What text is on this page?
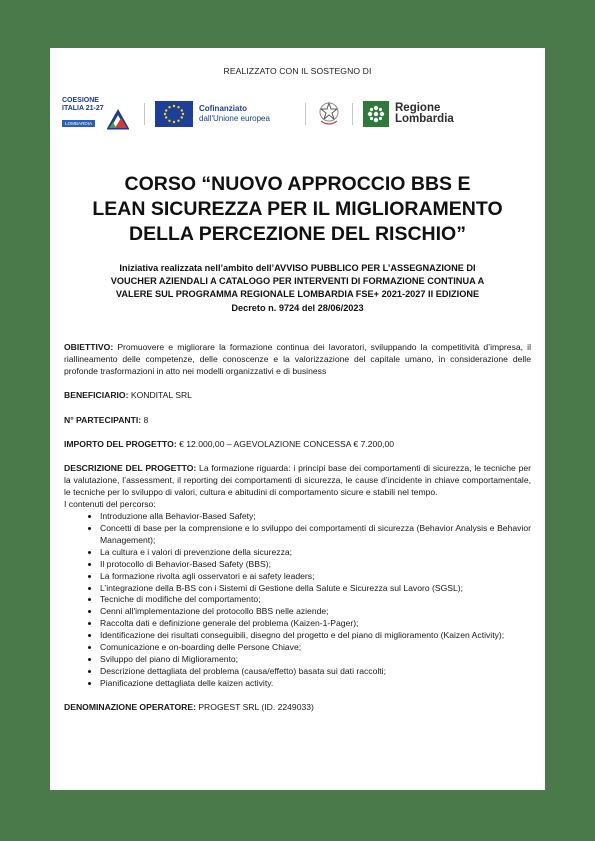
REALIZZATO CON IL SOSTEGNO DI
COESIONE
ITALIA 21-27
LOMBARDIA
Cofinanziato
dall'Unione europea
Regione
Lombardia
CORSO “NUOVO APPROCCIO BBS E
LEAN SICUREZZA PER IL MIGLIORAMENTO
DELLA PERCEZIONE DEL RISCHIO”
Iniziativa realizzata nell’ambito dell’AVVISO PUBBLICO PER L’ASSEGNAZIONE DI
VOUCHER AZIENDALI A CATALOGO PER INTERVENTI DI FORMAZIONE CONTINUA A
VALERE SUL PROGRAMMA REGIONALE LOMBARDIA FSE+ 2021-2027 II EDIZIONE
Decreto n. 9724 del 28/06/2023

OBIETTIVO: Promuovere e migliorare la formazione continua dei lavoratori, sviluppando la competitività d’impresa, il riallineamento delle competenze, delle conoscenze e la valorizzazione del capitale umano, in considerazione delle profonde trasformazioni in atto nei modelli organizzativi e di business

BENEFICIARIO: KONDITAL SRL

N° PARTECIPANTI: 8

IMPORTO DEL PROGETTO: € 12.000,00 – AGEVOLAZIONE CONCESSA € 7.200,00

DESCRIZIONE DEL PROGETTO: La formazione riguarda: i principi base dei comportamenti di sicurezza, le tecniche per la valutazione, l’assessment, il reporting dei comportamenti di sicurezza, le cause d’incidente in chiave comportamentale, le tecniche per lo sviluppo di valori, cultura e abitudini di comportamento sicure e stabili nel tempo.

I contenuti del percorso:

• Introduzione alla Behavior-Based Safety;
• Concetti di base per la comprensione e lo sviluppo dei comportamenti di sicurezza (Behavior Analysis e Behavior Management);
• La cultura e i valori di prevenzione della sicurezza;
• Il protocollo di Behavior-Based Safety (BBS);
• La formazione rivolta agli osservatori e ai safety leaders;
• L’integrazione della B-BS con i Sistemi di Gestione della Salute e Sicurezza sul Lavoro (SGSL);
• Tecniche di modifiche del comportamento;
• Cenni all'implementazione del protocollo BBS nelle aziende;
• Raccolta dati e definizione generale del problema (Kaizen-1-Pager);
• Identificazione dei risultati conseguibili, disegno del progetto e del piano di miglioramento (Kaizen Activity);
• Comunicazione e on-boarding delle Persone Chiave;
• Sviluppo del piano di Miglioramento;
• Descrizione dettagliata del problema (causa/effetto) basata sui dati raccolti;
• Pianificazione dettagliata delle kaizen activity.

DENOMINAZIONE OPERATORE: PROGEST SRL (ID. 2249033)
